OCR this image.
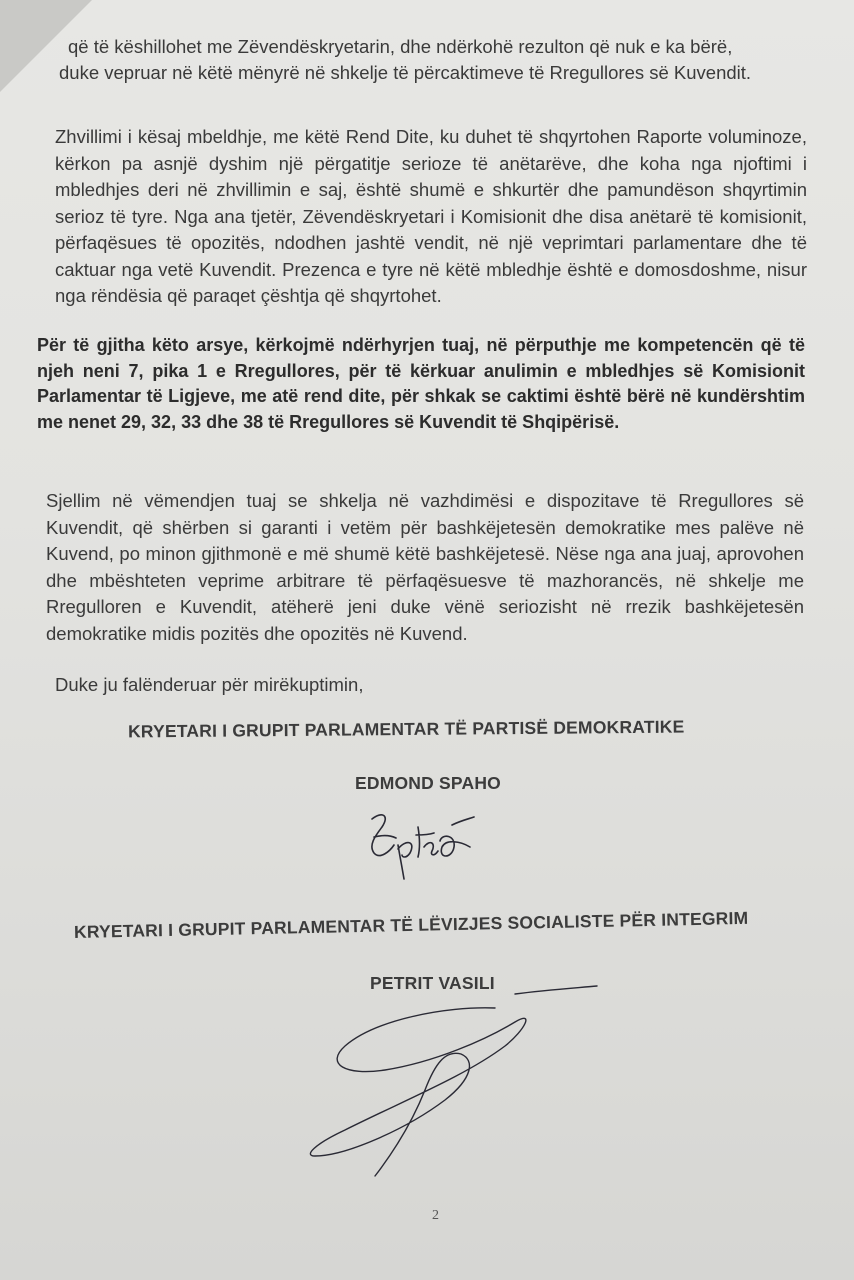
që të këshillohet me Zëvendëskryetarin, dhe ndërkohë rezulton që nuk e ka bërë,
duke vepruar në këtë mënyrë në shkelje të përcaktimeve të Rregullores së Kuvendit.
Zhvillimi i kësaj mbeldhje, me këtë Rend Dite, ku duhet të shqyrtohen Raporte voluminoze, kërkon pa asnjë dyshim një përgatitje serioze të anëtarëve, dhe koha nga njoftimi i mbledhjes deri në zhvillimin e saj, është shumë e shkurtër dhe pamundëson shqyrtimin serioz të tyre. Nga ana tjetër, Zëvendëskryetari i Komisionit dhe disa anëtarë të komisionit, përfaqësues të opozitës, ndodhen jashtë vendit, në një veprimtari parlamentare dhe të caktuar nga vetë Kuvendit. Prezenca e tyre në këtë mbledhje është e domosdoshme, nisur nga rëndësia që paraqet çështja që shqyrtohet.
Për të gjitha këto arsye, kërkojmë ndërhyrjen tuaj, në përputhje me kompetencën që të njeh neni 7, pika 1 e Rregullores, për të kërkuar anulimin e mbledhjes së Komisionit Parlamentar të Ligjeve, me atë rend dite, për shkak se caktimi është bërë në kundërshtim me nenet 29, 32, 33 dhe 38 të Rregullores së Kuvendit të Shqipërisë.
Sjellim në vëmendjen tuaj se shkelja në vazhdimësi e dispozitave të Rregullores së Kuvendit, që shërben si garanti i vetëm për bashkëjetesën demokratike mes palëve në Kuvend, po minon gjithmonë e më shumë këtë bashkëjetesë. Nëse nga ana juaj, aprovohen dhe mbështeten veprime arbitrare të përfaqësuesve të mazhorancës, në shkelje me Rregulloren e Kuvendit, atëherë jeni duke vënë seriozisht në rrezik bashkëjetesën demokratike midis pozitës dhe opozitës në Kuvend.
Duke ju falënderuar për mirëkuptimin,
KRYETARI I GRUPIT PARLAMENTAR TË PARTISË DEMOKRATIKE
EDMOND SPAHO
KRYETARI I GRUPIT PARLAMENTAR TË LËVIZJES SOCIALISTE PËR INTEGRIM
PETRIT VASILI
2
